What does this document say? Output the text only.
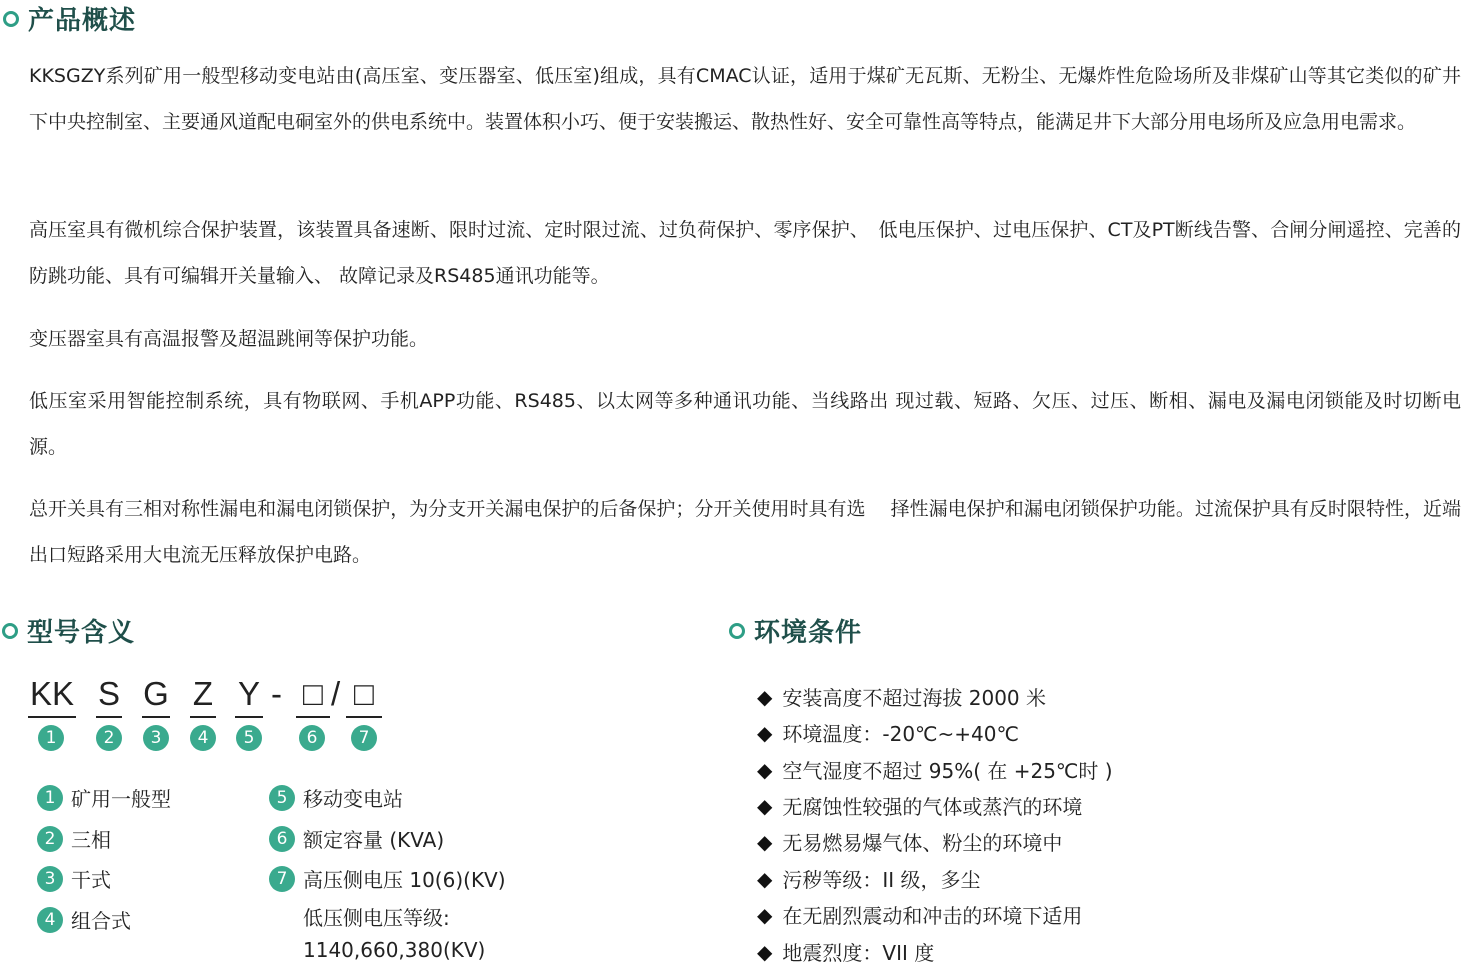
产品概述

KKSGZY系列矿用一般型移动变电站由(高压室、变压器室、低压室)组成，具有CMAC认证，适用于煤矿无瓦斯、无粉尘、无爆炸性危险场所及非煤矿山等其它类似的矿井下中央控制室、主要通风道配电硐室外的供电系统中。装置体积小巧、便于安装搬运、散热性好、安全可靠性高等特点，能满足井下大部分用电场所及应急用电需求。

高压室具有微机综合保护装置，该装置具备速断、限时过流、定时限过流、过负荷保护、零序保护、　低电压保护、过电压保护、CT及PT断线告警、合闸分闸遥控、完善的防跳功能、具有可编辑开关量输入、 故障记录及RS485通讯功能等。

变压器室具有高温报警及超温跳闸等保护功能。

低压室采用智能控制系统，具有物联网、手机APP功能、RS485、以太网等多种通讯功能、当线路出 现过载、短路、欠压、过压、断相、漏电及漏电闭锁能及时切断电源。

总开关具有三相对称性漏电和漏电闭锁保护，为分支开关漏电保护的后备保护；分开关使用时具有选　 择性漏电保护和漏电闭锁保护功能。过流保护具有反时限特性，近端出口短路采用大电流无压释放保护电路。

型号含义
KK S G Z Y - □ / □
1	2	3	4	5	6	7
1 矿用一般型
2 三相
3 干式
4 组合式
5 移动变电站
6 额定容量 (KVA)
7 高压侧电压 10(6)(KV)
低压侧电压等级:
1140,660,380(KV)
环境条件
◆ 安装高度不超过海拔 2000 米
◆ 环境温度：-20℃~+40℃
◆ 空气湿度不超过 95%( 在 +25℃时 )
◆ 无腐蚀性较强的气体或蒸汽的环境
◆ 无易燃易爆气体、粉尘的环境中
◆ 污秽等级：II 级，多尘
◆ 在无剧烈震动和冲击的环境下适用
◆ 地震烈度：VII 度
